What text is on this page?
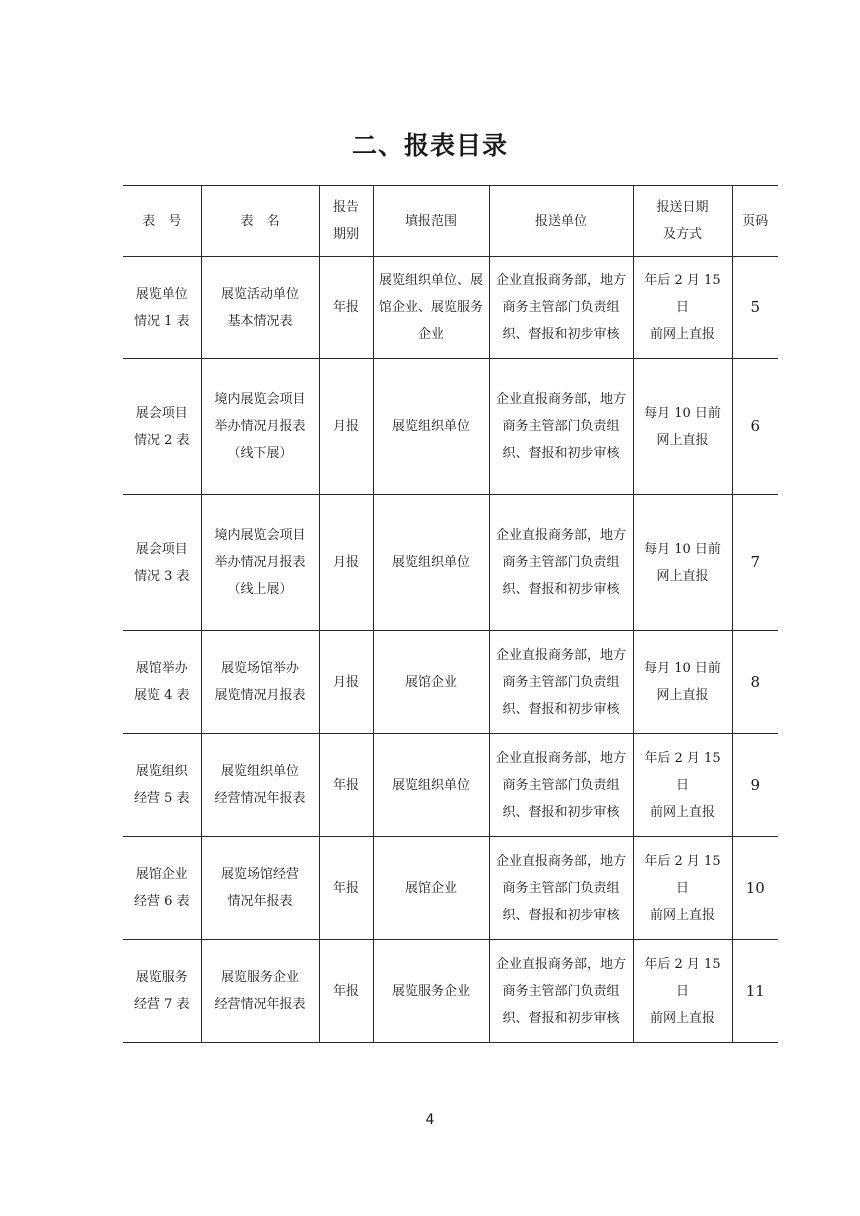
二、报表目录
表　号	表　名	报告
期别	填报范围	报送单位	报送日期
及方式	页码

展览单位
情况 1 表	展览活动单位
基本情况表	年报	展览组织单位、展
馆企业、展览服务
企业	企业直报商务部，地方
商务主管部门负责组
织、督报和初步审核	年后 2 月 15 日
前网上直报	5

展会项目
情况 2 表	境内展览会项目
举办情况月报表
（线下展）	月报	展览组织单位	企业直报商务部，地方
商务主管部门负责组
织、督报和初步审核	每月 10 日前
网上直报	6

展会项目
情况 3 表	境内展览会项目
举办情况月报表
（线上展）	月报	展览组织单位	企业直报商务部，地方
商务主管部门负责组
织、督报和初步审核	每月 10 日前
网上直报	7

展馆举办
展览 4 表	展览场馆举办
展览情况月报表	月报	展馆企业	企业直报商务部，地方
商务主管部门负责组
织、督报和初步审核	每月 10 日前
网上直报	8

展览组织
经营 5 表	展览组织单位
经营情况年报表	年报	展览组织单位	企业直报商务部，地方
商务主管部门负责组
织、督报和初步审核	年后 2 月 15 日
前网上直报	9

展馆企业
经营 6 表	展览场馆经营
情况年报表	年报	展馆企业	企业直报商务部，地方
商务主管部门负责组
织、督报和初步审核	年后 2 月 15 日
前网上直报	10

展览服务
经营 7 表	展览服务企业
经营情况年报表	年报	展览服务企业	企业直报商务部，地方
商务主管部门负责组
织、督报和初步审核	年后 2 月 15 日
前网上直报	11
4
